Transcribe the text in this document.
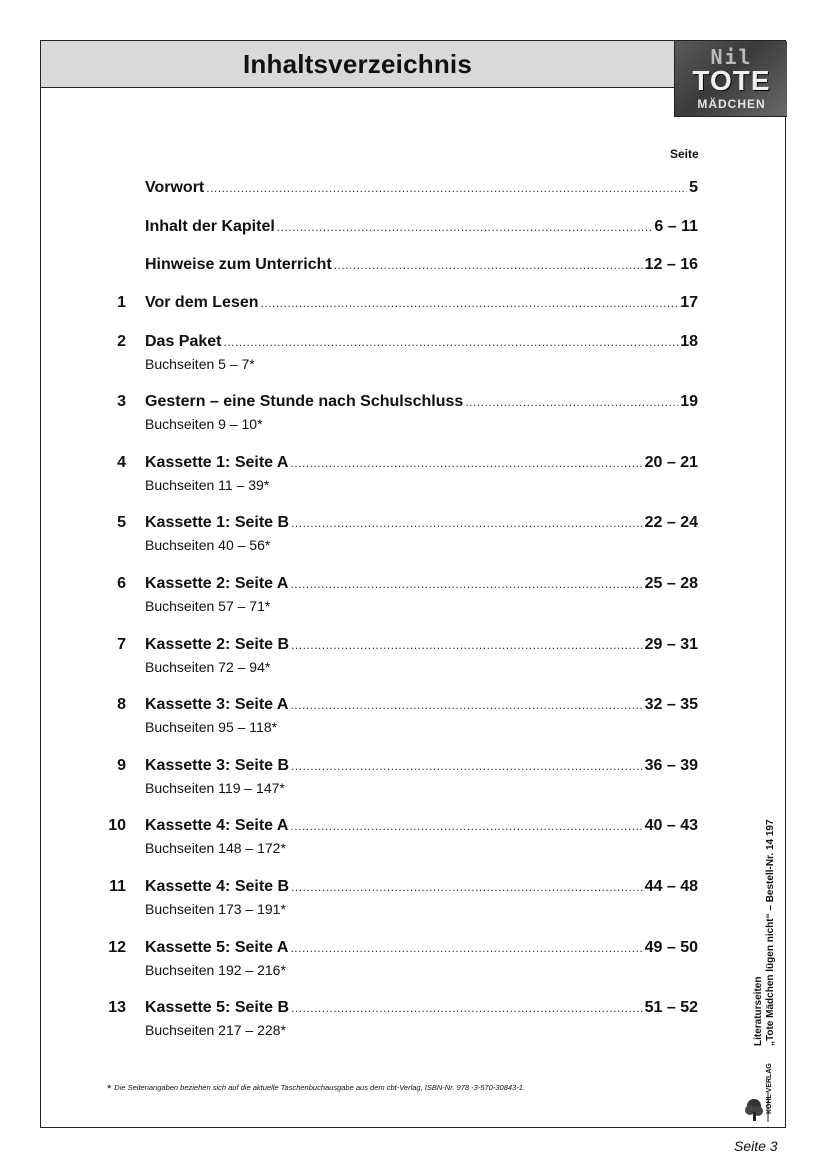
Inhaltsverzeichnis	Nil
TOTE
MÄDCHEN
Seite
Vorwort .....	5
Inhalt der Kapitel .....	6 – 11
Hinweise zum Unterricht .....	12 – 16
1 Vor dem Lesen .....	17
2 Das Paket .....	18
Buchseiten 5 – 7*
3 Gestern – eine Stunde nach Schulschluss .....	19
Buchseiten 9 – 10*
4 Kassette 1: Seite A .....	20 – 21
Buchseiten 11 – 39*
5 Kassette 1: Seite B .....	22 – 24
Buchseiten 40 – 56*
6 Kassette 2: Seite A .....	25 – 28
Buchseiten 57 – 71*
7 Kassette 2: Seite B .....	29 – 31
Buchseiten 72 – 94*
8 Kassette 3: Seite A .....	32 – 35
Buchseiten 95 – 118*
9 Kassette 3: Seite B .....	36 – 39
Buchseiten 119 – 147*
10 Kassette 4: Seite A .....	40 – 43
Buchseiten 148 – 172*
11 Kassette 4: Seite B .....	44 – 48
Buchseiten 173 – 191*
12 Kassette 5: Seite A .....	49 – 50
Buchseiten 192 – 216*
13 Kassette 5: Seite B .....	51 – 52
Buchseiten 217 – 228*
* Die Seitenangaben beziehen sich auf die aktuelle Taschenbuchausgabe aus dem cbt-Verlag, ISBN-Nr. 978 -3-570-30843-1.
Literaturseiten „Tote Mädchen lügen nicht“ – Bestell-Nr. 14 197
Seite 3
KOHL VERLAG
